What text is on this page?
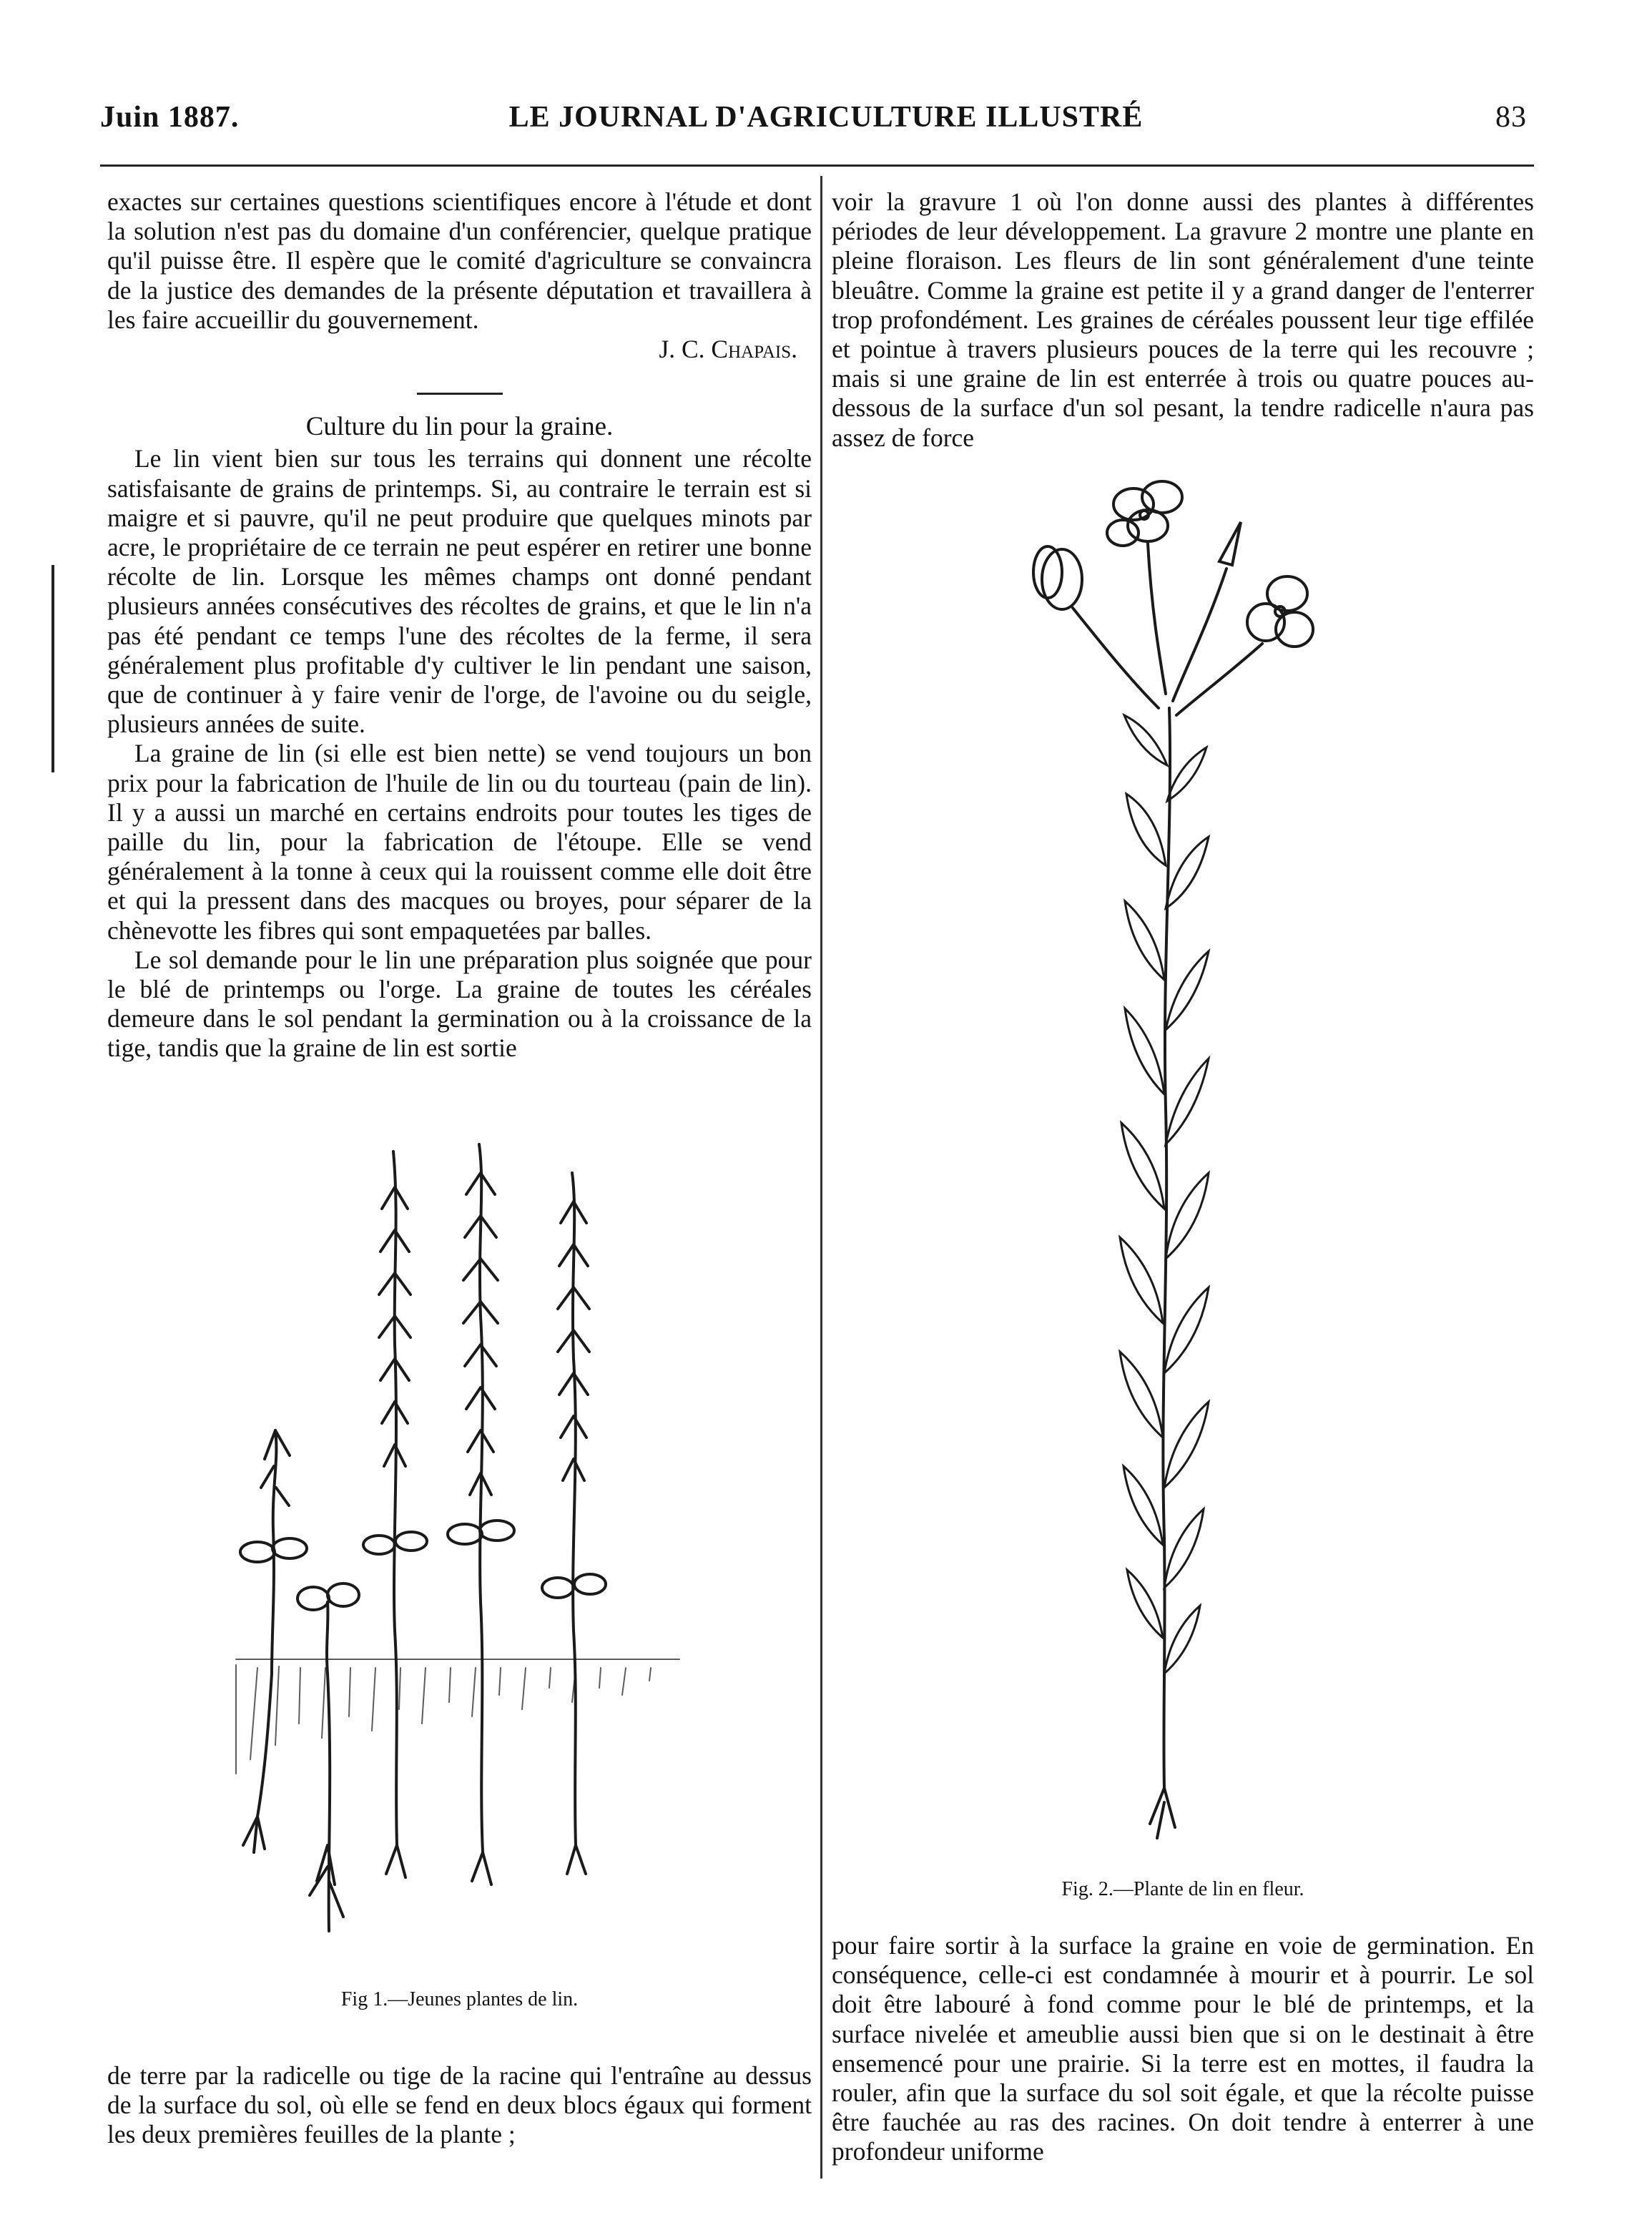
Juin 1887.	LE JOURNAL D'AGRICULTURE ILLUSTRÉ	83

exactes sur certaines questions scientifiques encore à l'étude et dont la solution n'est pas du domaine d'un conférencier, quelque pratique qu'il puisse être. Il espère que le comité d'agriculture se convaincra de la justice des demandes de la présente députation et travaillera à les faire accueillir du gouvernement.

J. C. Chapais.

Culture du lin pour la graine.

Le lin vient bien sur tous les terrains qui donnent une récolte satisfaisante de grains de printemps. Si, au contraire le terrain est si maigre et si pauvre, qu'il ne peut produire que quelques minots par acre, le propriétaire de ce terrain ne peut espérer en retirer une bonne récolte de lin. Lorsque les mêmes champs ont donné pendant plusieurs années consécutives des récoltes de grains, et que le lin n'a pas été pendant ce temps l'une des récoltes de la ferme, il sera généralement plus profitable d'y cultiver le lin pendant une saison, que de continuer à y faire venir de l'orge, de l'avoine ou du seigle, plusieurs années de suite.

La graine de lin (si elle est bien nette) se vend toujours un bon prix pour la fabrication de l'huile de lin ou du tourteau (pain de lin). Il y a aussi un marché en certains endroits pour toutes les tiges de paille du lin, pour la fabrication de l'étoupe. Elle se vend généralement à la tonne à ceux qui la rouissent comme elle doit être et qui la pressent dans des macques ou broyes, pour séparer de la chènevotte les fibres qui sont empaquetées par balles.

Le sol demande pour le lin une préparation plus soignée que pour le blé de printemps ou l'orge. La graine de toutes les céréales demeure dans le sol pendant la germination ou à la croissance de la tige, tandis que la graine de lin est sortie

Fig 1.—Jeunes plantes de lin.

de terre par la radicelle ou tige de la racine qui l'entraîne au dessus de la surface du sol, où elle se fend en deux blocs égaux qui forment les deux premières feuilles de la plante ;

voir la gravure 1 où l'on donne aussi des plantes à différentes périodes de leur développement. La gravure 2 montre une plante en pleine floraison. Les fleurs de lin sont généralement d'une teinte bleuâtre. Comme la graine est petite il y a grand danger de l'enterrer trop profondément. Les graines de céréales poussent leur tige effilée et pointue à travers plusieurs pouces de la terre qui les recouvre ; mais si une graine de lin est enterrée à trois ou quatre pouces au-dessous de la surface d'un sol pesant, la tendre radicelle n'aura pas assez de force

Fig. 2.—Plante de lin en fleur.

pour faire sortir à la surface la graine en voie de germination. En conséquence, celle-ci est condamnée à mourir et à pourrir. Le sol doit être labouré à fond comme pour le blé de printemps, et la surface nivelée et ameublie aussi bien que si on le destinait à être ensemencé pour une prairie. Si la terre est en mottes, il faudra la rouler, afin que la surface du sol soit égale, et que la récolte puisse être fauchée au ras des racines. On doit tendre à enterrer à une profondeur uniforme
